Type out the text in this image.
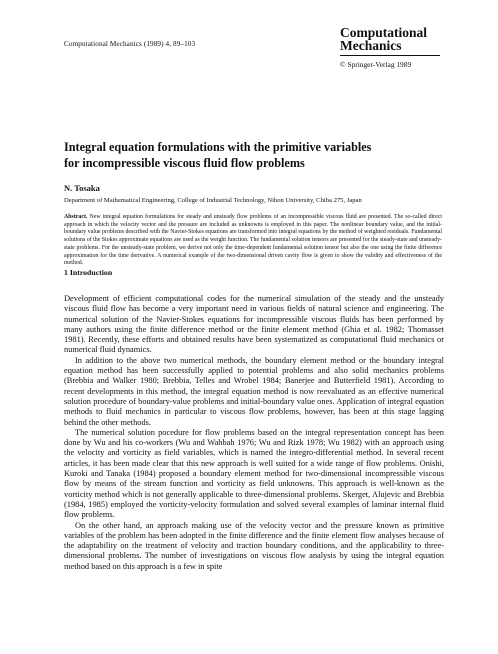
Computational Mechanics (1989) 4, 89–103
Computational
Mechanics
© Springer-Verlag 1989
Integral equation formulations with the primitive variables
for incompressible viscous fluid flow problems
N. Tosaka
Department of Mathematical Engineering, College of Industrial Technology, Nihon University, Chiba 275, Japan
Abstract. New integral equation formulations for steady and unsteady flow problems of an incompressible viscous fluid are presented. The so-called direct approach in which the velocity vector and the pressure are included as unknowns is employed in this paper. The nonlinear boundary value, and the initial-boundary value problems described with the Navier-Stokes equations are transformed into integral equations by the method of weighted residuals. Fundamental solutions of the Stokes approximate equations are used as the weight function. The fundamental solution tensors are presented for the steady-state and unsteady-state problems. For the unsteady-state problem, we derive not only the time-dependent fundamental solution tensor but also the one using the finite difference approximation for the time derivative. A numerical example of the two-dimensional driven cavity flow is given to show the validity and effectiveness of the method.
1 Introduction

Development of efficient computational codes for the numerical simulation of the steady and the unsteady viscous fluid flow has become a very important need in various fields of natural science and engineering. The numerical solution of the Navier-Stokes equations for incompressible viscous fluids has been performed by many authors using the finite difference method or the finite element method (Ghia et al. 1982; Thomasset 1981). Recently, these efforts and obtained results have been systematized as computational fluid mechanics or numerical fluid dynamics.

In addition to the above two numerical methods, the boundary element method or the boundary integral equation method has been successfully applied to potential problems and also solid mechanics problems (Brebbia and Walker 1980; Brebbia, Telles and Wrobel 1984; Banerjee and Butterfield 1981). According to recent developments in this method, the integral equation method is now reevaluated as an effective numerical solution procedure of boundary-value problems and initial-boundary value ones. Application of integral equation methods to fluid mechanics in particular to viscous flow problems, however, has been at this stage lagging behind the other methods.

The numerical solution pocedure for flow problems based on the integral representation concept has been done by Wu and his co-workers (Wu and Wahbah 1976; Wu and Rizk 1978; Wu 1982) with an approach using the velocity and vorticity as field variables, which is named the integro-differential method. In several recent articles, it has been made clear that this new approach is well suited for a wide range of flow problems. Onishi, Kuroki and Tanaka (1984) proposed a boundary element method for two-dimensional incompressible viscous flow by means of the stream function and vorticity as field unknowns. This approach is well-known as the vorticity method which is not generally applicable to three-dimensional problems. Skerget, Alujevic and Brebbia (1984, 1985) employed the vorticity-velocity formulation and solved several examples of laminar internal fluid flow problems.

On the other hand, an approach making use of the velocity vector and the pressure known as primitive variables of the problem has been adopted in the finite difference and the finite element flow analyses because of the adaptability on the treatment of velocity and traction boundary conditions, and the applicability to three-dimensional problems. The number of investigations on viscous flow analysis by using the integral equation method based on this approach is a few in spite
